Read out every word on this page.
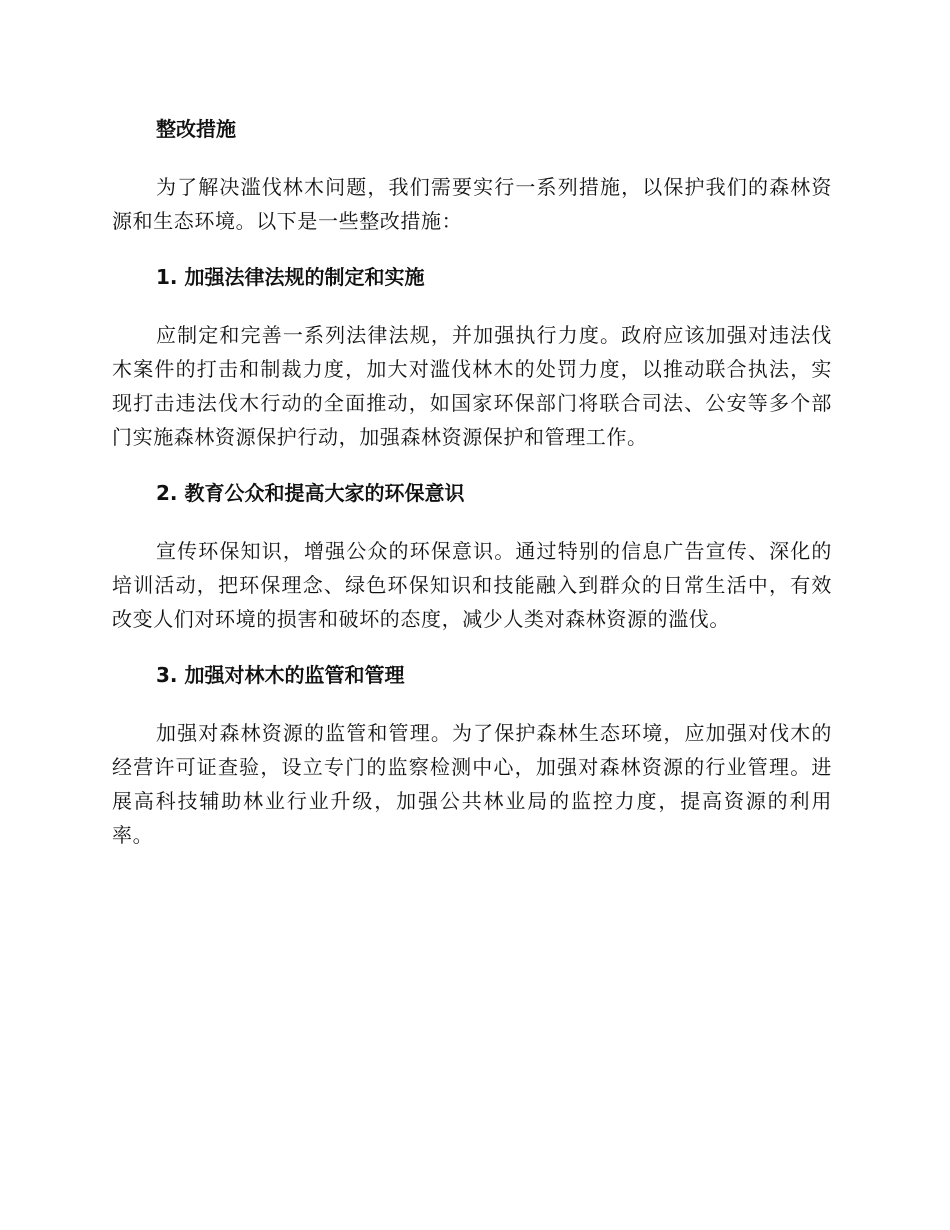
整改措施

为了解决滥伐林木问题，我们需要实行一系列措施，以保护我们的森林资源和生态环境。以下是一些整改措施：

1. 加强法律法规的制定和实施

应制定和完善一系列法律法规，并加强执行力度。政府应该加强对违法伐木案件的打击和制裁力度，加大对滥伐林木的处罚力度，以推动联合执法，实现打击违法伐木行动的全面推动，如国家环保部门将联合司法、公安等多个部门实施森林资源保护行动，加强森林资源保护和管理工作。

2. 教育公众和提高大家的环保意识

宣传环保知识，增强公众的环保意识。通过特别的信息广告宣传、深化的培训活动，把环保理念、绿色环保知识和技能融入到群众的日常生活中，有效改变人们对环境的损害和破坏的态度，减少人类对森林资源的滥伐。

3. 加强对林木的监管和管理

加强对森林资源的监管和管理。为了保护森林生态环境，应加强对伐木的经营许可证查验，设立专门的监察检测中心，加强对森林资源的行业管理。进展高科技辅助林业行业升级，加强公共林业局的监控力度，提高资源的利用率。
